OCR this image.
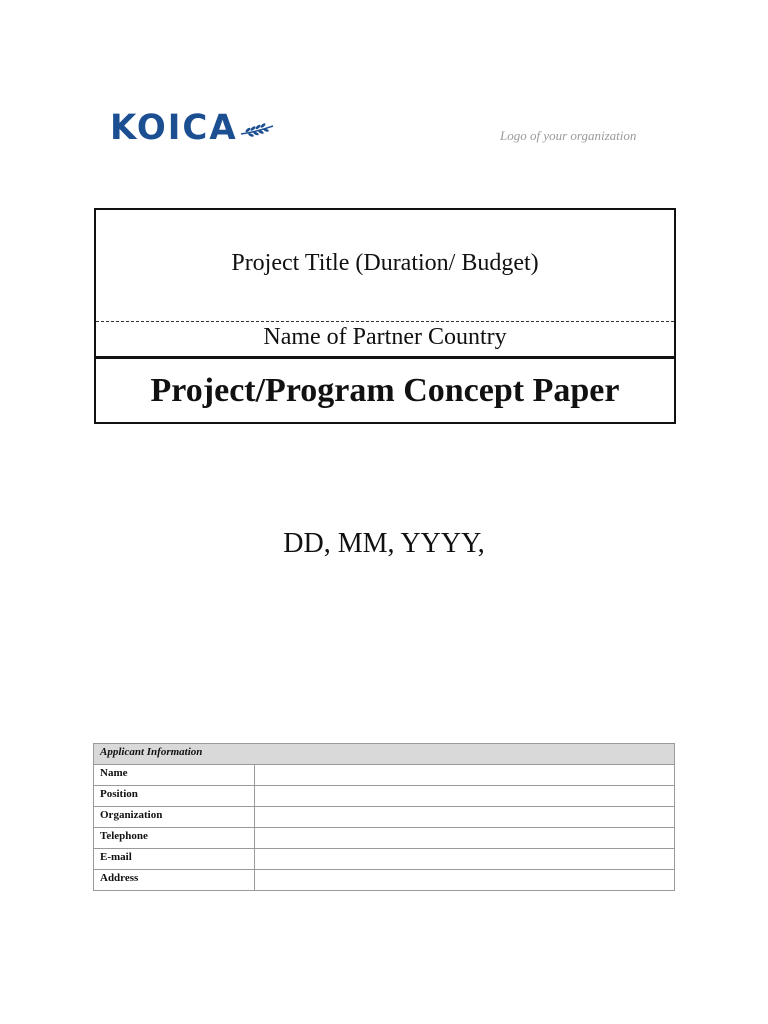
KOICA	Logo of your organization
Project Title (Duration/ Budget)
Name of Partner Country
Project/Program Concept Paper
DD, MM, YYYY,
Applicant Information	
Name	
Position	
Organization	
Telephone	
E-mail	
Address	
